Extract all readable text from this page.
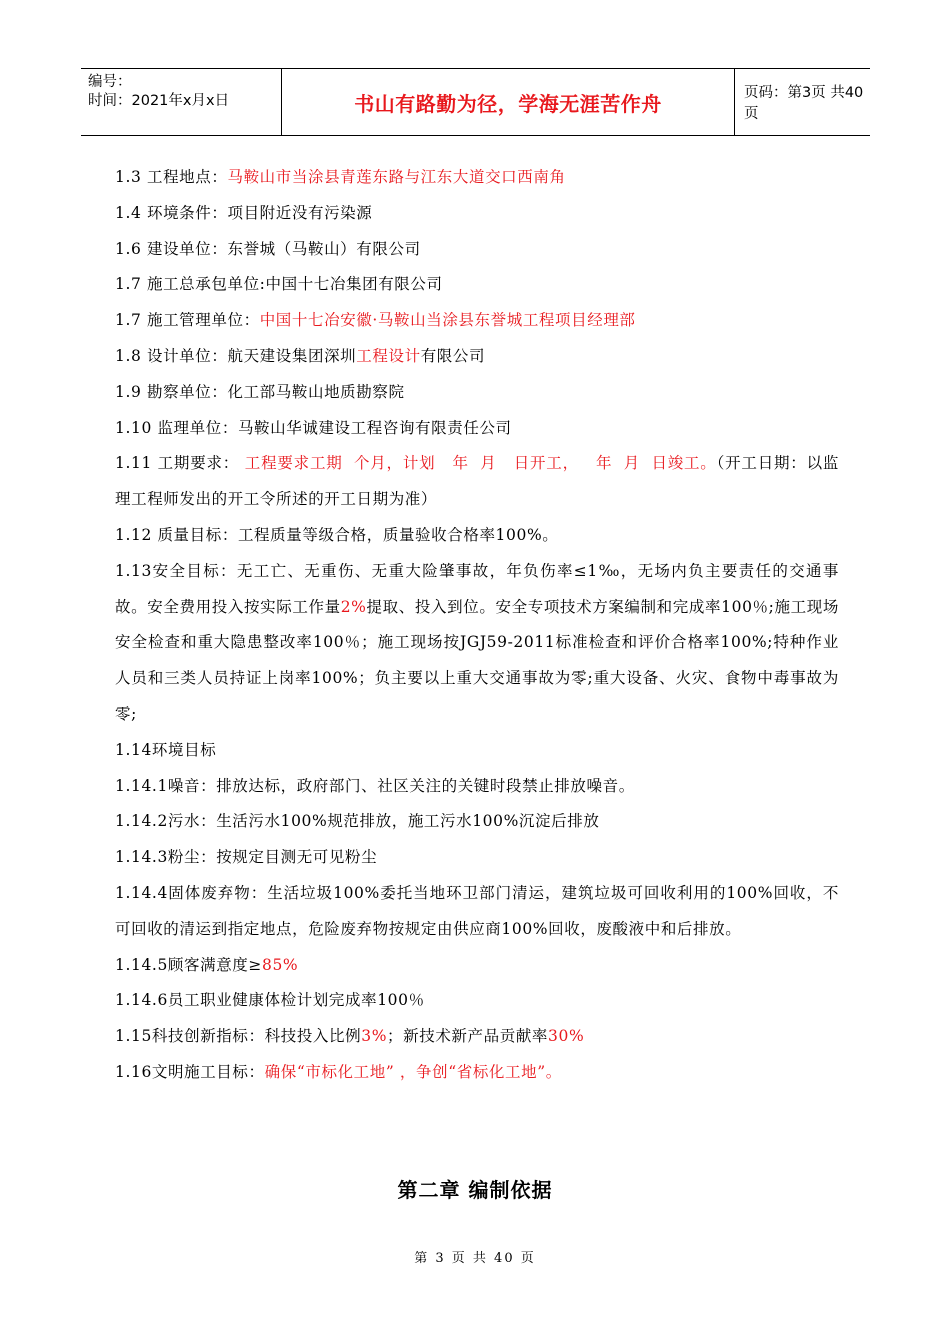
编号：
时间：2021年x月x日	书山有路勤为径，学海无涯苦作舟	页码：第3页 共40页

1.3 工程地点：马鞍山市当涂县青莲东路与江东大道交口西南角

1.4 环境条件：项目附近没有污染源

1.6 建设单位：东誉城（马鞍山）有限公司

1.7 施工总承包单位:中国十七冶集团有限公司

1.7 施工管理单位：中国十七冶安徽·马鞍山当涂县东誉城工程项目经理部

1.8 设计单位：航天建设集团深圳工程设计有限公司

1.9 勘察单位：化工部马鞍山地质勘察院

1.10 监理单位：马鞍山华诚建设工程咨询有限责任公司

1.11 工期要求： 工程要求工期  个月，计划   年  月   日开工，   年  月  日竣工。（开工日期：以监理工程师发出的开工令所述的开工日期为准）

1.12 质量目标：工程质量等级合格，质量验收合格率100%。

1.13安全目标：无工亡、无重伤、无重大险肇事故，年负伤率≤1‰，无场内负主要责任的交通事故。安全费用投入按实际工作量2%提取、投入到位。安全专项技术方案编制和完成率100％;施工现场安全检查和重大隐患整改率100％；施工现场按JGJ59-2011标准检查和评价合格率100%;特种作业人员和三类人员持证上岗率100%；负主要以上重大交通事故为零;重大设备、火灾、食物中毒事故为零;

1.14环境目标

1.14.1噪音：排放达标，政府部门、社区关注的关键时段禁止排放噪音。

1.14.2污水：生活污水100%规范排放，施工污水100%沉淀后排放

1.14.3粉尘：按规定目测无可见粉尘

1.14.4固体废弃物：生活垃圾100%委托当地环卫部门清运，建筑垃圾可回收利用的100%回收，不可回收的清运到指定地点，危险废弃物按规定由供应商100%回收，废酸液中和后排放。

1.14.5顾客满意度≥85%

1.14.6员工职业健康体检计划完成率100％

1.15科技创新指标：科技投入比例3%；新技术新产品贡献率30%

1.16文明施工目标：确保“市标化工地” ，争创“省标化工地”。

第二章 编制依据
第 3 页 共 40 页
